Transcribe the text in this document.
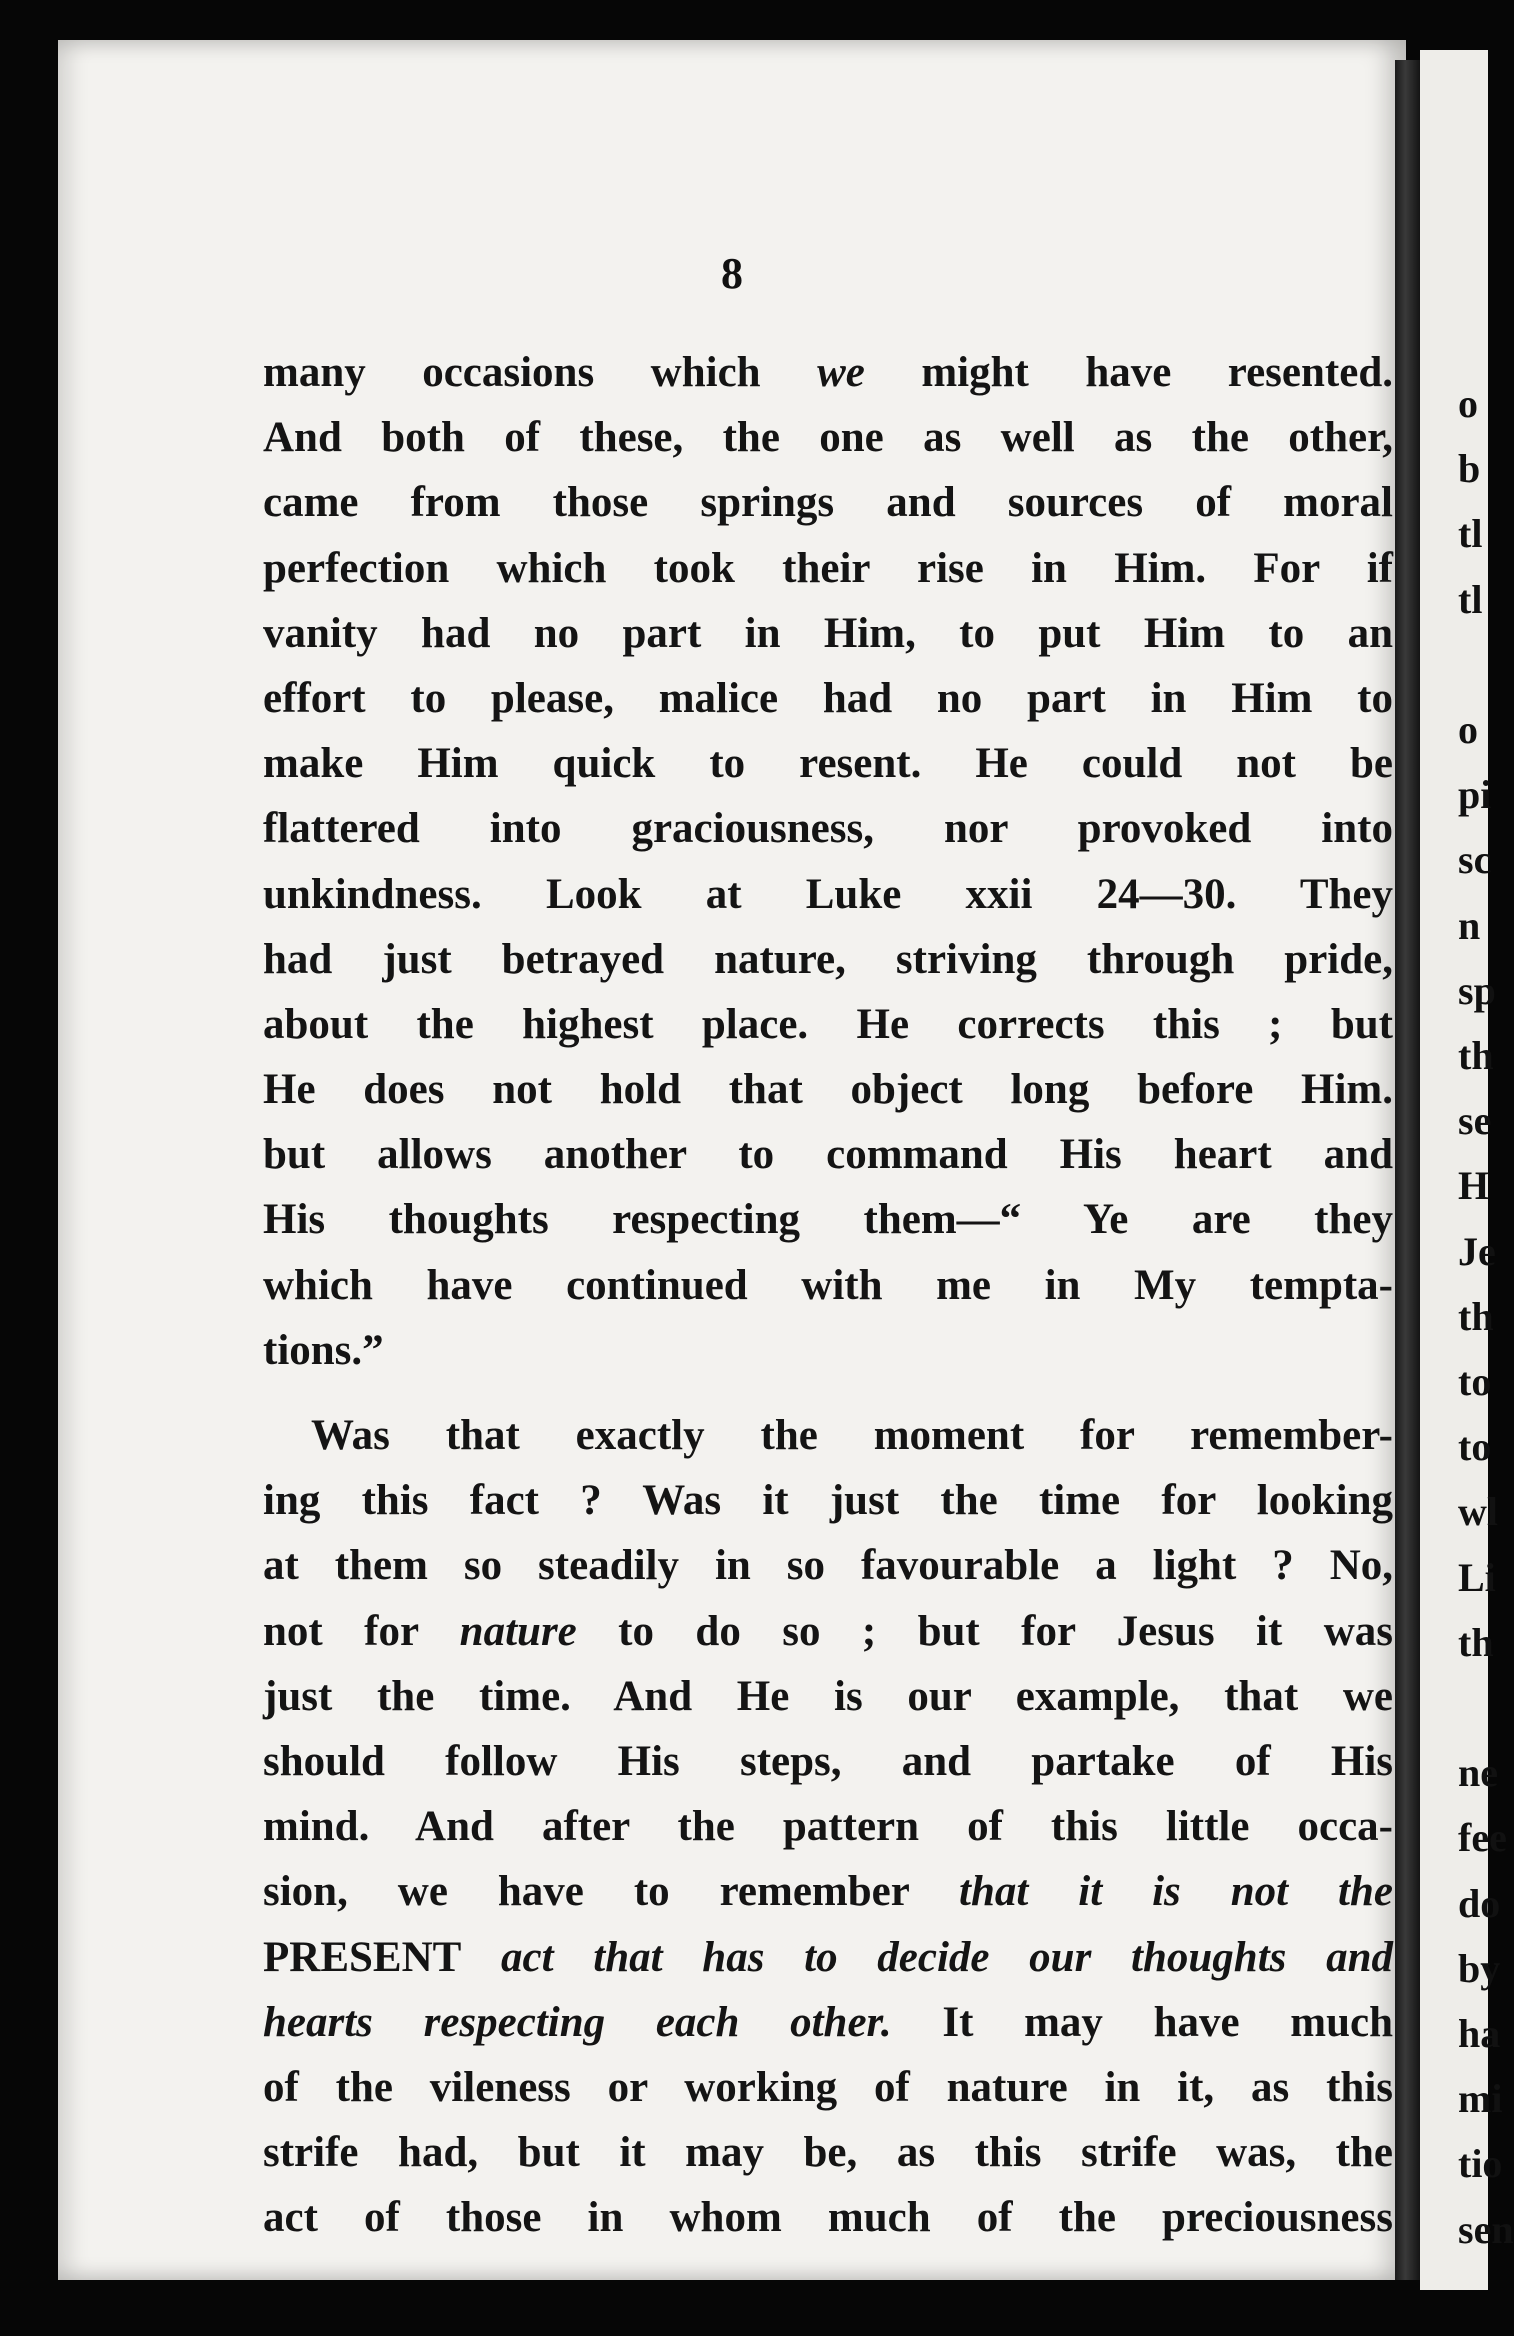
8
many occasions which we might have resented.
And both of these, the one as well as the other,
came from those springs and sources of moral
perfection which took their rise in Him. For if
vanity had no part in Him, to put Him to an
effort to please, malice had no part in Him to
make Him quick to resent. He could not be
flattered into graciousness, nor provoked into
unkindness. Look at Luke xxii 24—30. They
had just betrayed nature, striving through pride,
about the highest place. He corrects this ; but
He does not hold that object long before Him.
but allows another to command His heart and
His thoughts respecting them—“ Ye are they
which have continued with me in My tempta-
tions.”
Was that exactly the moment for remember-
ing this fact ? Was it just the time for looking
at them so steadily in so favourable a light ? No,
not for nature to do so ; but for Jesus it was
just the time. And He is our example, that we
should follow His steps, and partake of His
mind. And after the pattern of this little occa-
sion, we have to remember that it is not the
PRESENT act that has to decide our thoughts and
hearts respecting each other. It may have much
of the vileness or working of nature in it, as this
strife had, but it may be, as this strife was, the
act of those in whom much of the preciousness
o
b
tl
tl
o
pi
sc
n
sp
th
se
H
Je
th
to
to
wl
Li
th
ne
fee
do
by
ha
mi
tio
sen
